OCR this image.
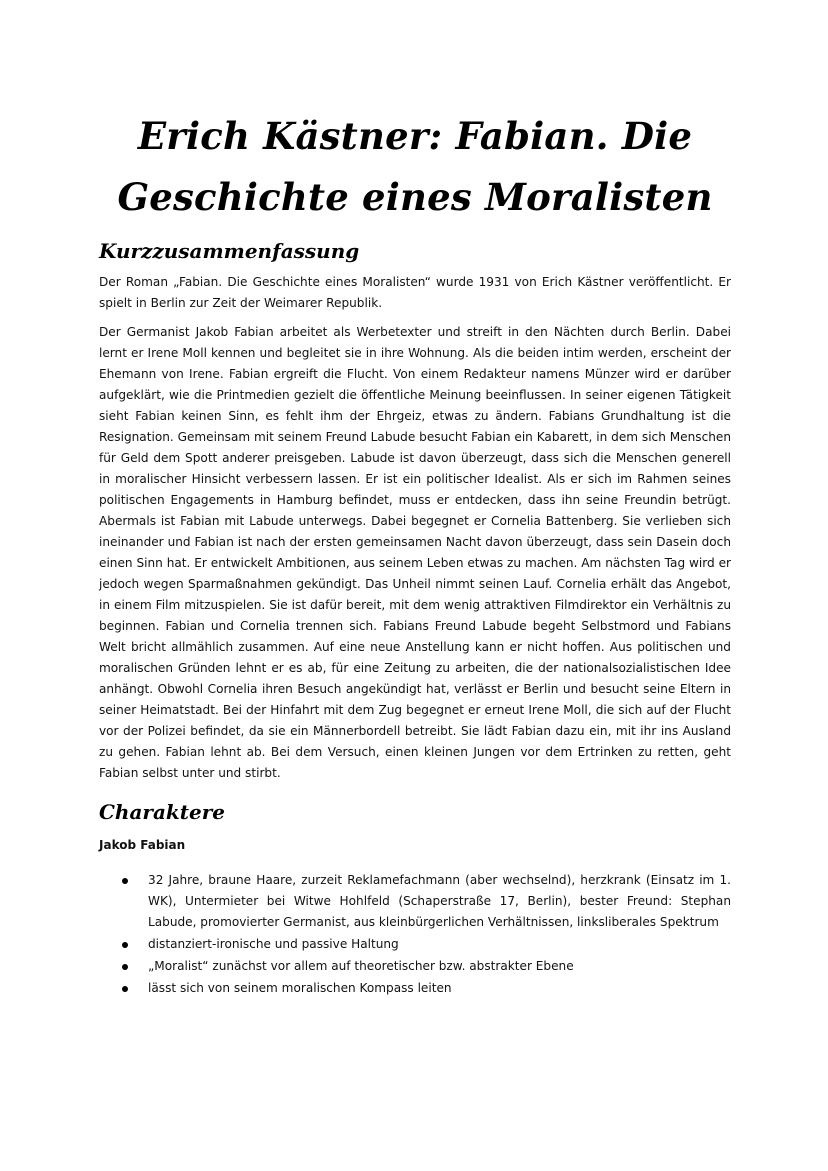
Erich Kästner: Fabian. Die Geschichte eines Moralisten
Kurzzusammenfassung

Der Roman „Fabian. Die Geschichte eines Moralisten“ wurde 1931 von Erich Kästner veröffentlicht. Er spielt in Berlin zur Zeit der Weimarer Republik.

Der Germanist Jakob Fabian arbeitet als Werbetexter und streift in den Nächten durch Berlin. Dabei lernt er Irene Moll kennen und begleitet sie in ihre Wohnung. Als die beiden intim werden, erscheint der Ehemann von Irene. Fabian ergreift die Flucht. Von einem Redakteur namens Münzer wird er darüber aufgeklärt, wie die Printmedien gezielt die öffentliche Meinung beeinflussen. In seiner eigenen Tätigkeit sieht Fabian keinen Sinn, es fehlt ihm der Ehrgeiz, etwas zu ändern. Fabians Grundhaltung ist die Resignation. Gemeinsam mit seinem Freund Labude besucht Fabian ein Kabarett, in dem sich Menschen für Geld dem Spott anderer preisgeben. Labude ist davon überzeugt, dass sich die Menschen generell in moralischer Hinsicht verbessern lassen. Er ist ein politischer Idealist. Als er sich im Rahmen seines politischen Engagements in Hamburg befindet, muss er entdecken, dass ihn seine Freundin betrügt. Abermals ist Fabian mit Labude unterwegs. Dabei begegnet er Cornelia Battenberg. Sie verlieben sich ineinander und Fabian ist nach der ersten gemeinsamen Nacht davon überzeugt, dass sein Dasein doch einen Sinn hat. Er entwickelt Ambitionen, aus seinem Leben etwas zu machen. Am nächsten Tag wird er jedoch wegen Sparmaßnahmen gekündigt. Das Unheil nimmt seinen Lauf. Cornelia erhält das Angebot, in einem Film mitzuspielen. Sie ist dafür bereit, mit dem wenig attraktiven Filmdirektor ein Verhältnis zu beginnen. Fabian und Cornelia trennen sich. Fabians Freund Labude begeht Selbstmord und Fabians Welt bricht allmählich zusammen. Auf eine neue Anstellung kann er nicht hoffen. Aus politischen und moralischen Gründen lehnt er es ab, für eine Zeitung zu arbeiten, die der nationalsozialistischen Idee anhängt. Obwohl Cornelia ihren Besuch angekündigt hat, verlässt er Berlin und besucht seine Eltern in seiner Heimatstadt. Bei der Hinfahrt mit dem Zug begegnet er erneut Irene Moll, die sich auf der Flucht vor der Polizei befindet, da sie ein Männerbordell betreibt. Sie lädt Fabian dazu ein, mit ihr ins Ausland zu gehen. Fabian lehnt ab. Bei dem Versuch, einen kleinen Jungen vor dem Ertrinken zu retten, geht Fabian selbst unter und stirbt.

Charaktere

Jakob Fabian

32 Jahre, braune Haare, zurzeit Reklamefachmann (aber wechselnd), herzkrank (Einsatz im 1. WK), Untermieter bei Witwe Hohlfeld (Schaperstraße 17, Berlin), bester Freund: Stephan Labude, promovierter Germanist, aus kleinbürgerlichen Verhältnissen, linksliberales Spektrum
distanziert-ironische und passive Haltung
„Moralist“ zunächst vor allem auf theoretischer bzw. abstrakter Ebene
lässt sich von seinem moralischen Kompass leiten
